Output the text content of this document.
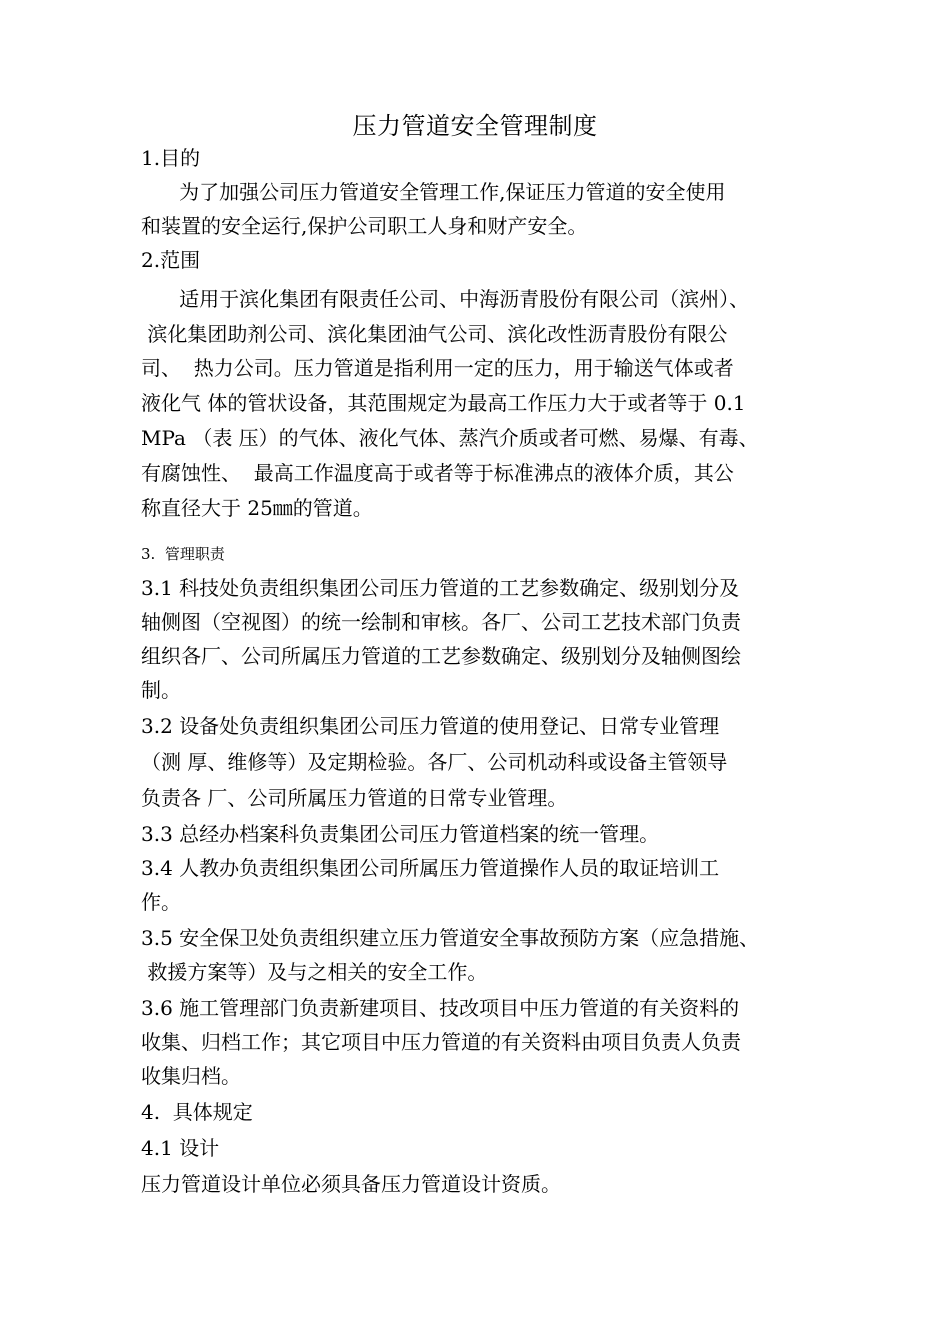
压力管道安全管理制度
1.目的
为了加强公司压力管道安全管理工作,保证压力管道的安全使用
和装置的安全运行,保护公司职工人身和财产安全。
2.范围
适用于滨化集团有限责任公司、中海沥青股份有限公司（滨州）、
滨化集团助剂公司、滨化集团油气公司、滨化改性沥青股份有限公
司、  热力公司。压力管道是指利用一定的压力，用于输送气体或者
液化气 体的管状设备，其范围规定为最高工作压力大于或者等于 0.1
MPa （表 压）的气体、液化气体、蒸汽介质或者可燃、易爆、有毒、
有腐蚀性、  最高工作温度高于或者等于标准沸点的液体介质，其公
称直径大于 25㎜的管道。
3.  管理职责
3.1 科技处负责组织集团公司压力管道的工艺参数确定、级别划分及
轴侧图（空视图）的统一绘制和审核。各厂、公司工艺技术部门负责
组织各厂、公司所属压力管道的工艺参数确定、级别划分及轴侧图绘
制。
3.2 设备处负责组织集团公司压力管道的使用登记、日常专业管理
（测 厚、维修等）及定期检验。各厂、公司机动科或设备主管领导
负责各 厂、公司所属压力管道的日常专业管理。
3.3 总经办档案科负责集团公司压力管道档案的统一管理。
3.4 人教办负责组织集团公司所属压力管道操作人员的取证培训工
作。
3.5 安全保卫处负责组织建立压力管道安全事故预防方案（应急措施、
救援方案等）及与之相关的安全工作。
3.6 施工管理部门负责新建项目、技改项目中压力管道的有关资料的
收集、归档工作；其它项目中压力管道的有关资料由项目负责人负责
收集归档。
4.  具体规定
4.1 设计
压力管道设计单位必须具备压力管道设计资质。
